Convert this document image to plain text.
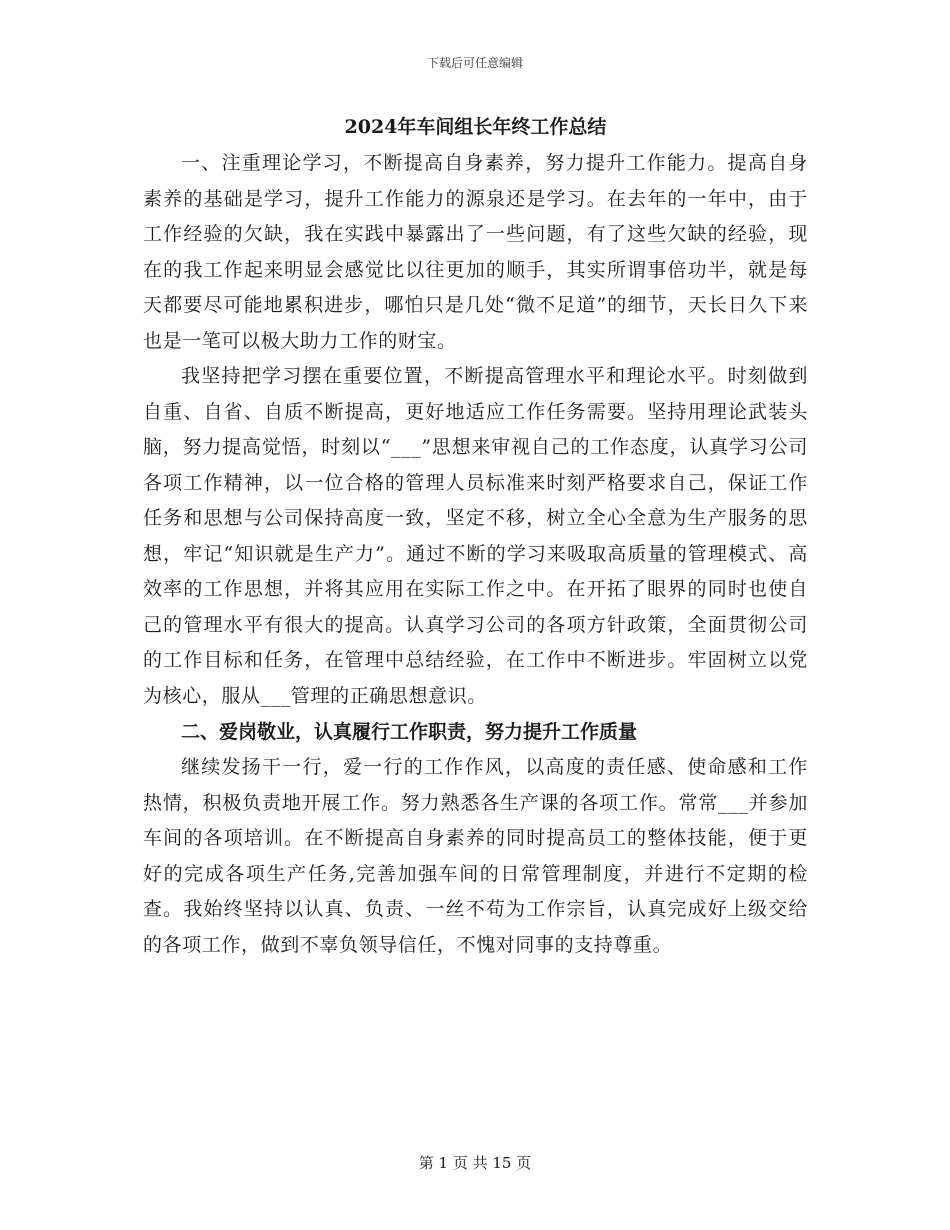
下载后可任意编辑
2024年车间组长年终工作总结

一、注重理论学习，不断提高自身素养，努力提升工作能力。提高自身素养的基础是学习，提升工作能力的源泉还是学习。在去年的一年中，由于工作经验的欠缺，我在实践中暴露出了一些问题，有了这些欠缺的经验，现在的我工作起来明显会感觉比以往更加的顺手，其实所谓事倍功半，就是每天都要尽可能地累积进步，哪怕只是几处“微不足道”的细节，天长日久下来也是一笔可以极大助力工作的财宝。

我坚持把学习摆在重要位置，不断提高管理水平和理论水平。时刻做到自重、自省、自质不断提高，更好地适应工作任务需要。坚持用理论武装头脑，努力提高觉悟，时刻以“___”思想来审视自己的工作态度，认真学习公司各项工作精神，以一位合格的管理人员标准来时刻严格要求自己，保证工作任务和思想与公司保持高度一致，坚定不移，树立全心全意为生产服务的思想，牢记“知识就是生产力”。通过不断的学习来吸取高质量的管理模式、高效率的工作思想，并将其应用在实际工作之中。在开拓了眼界的同时也使自己的管理水平有很大的提高。认真学习公司的各项方针政策，全面贯彻公司的工作目标和任务，在管理中总结经验，在工作中不断进步。牢固树立以党为核心，服从___管理的正确思想意识。

二、爱岗敬业，认真履行工作职责，努力提升工作质量

继续发扬干一行，爱一行的工作作风，以高度的责任感、使命感和工作热情，积极负责地开展工作。努力熟悉各生产课的各项工作。常常___并参加车间的各项培训。在不断提高自身素养的同时提高员工的整体技能，便于更好的完成各项生产任务,完善加强车间的日常管理制度，并进行不定期的检查。我始终坚持以认真、负责、一丝不苟为工作宗旨，认真完成好上级交给的各项工作，做到不辜负领导信任，不愧对同事的支持尊重。

第 1 页 共 15 页
